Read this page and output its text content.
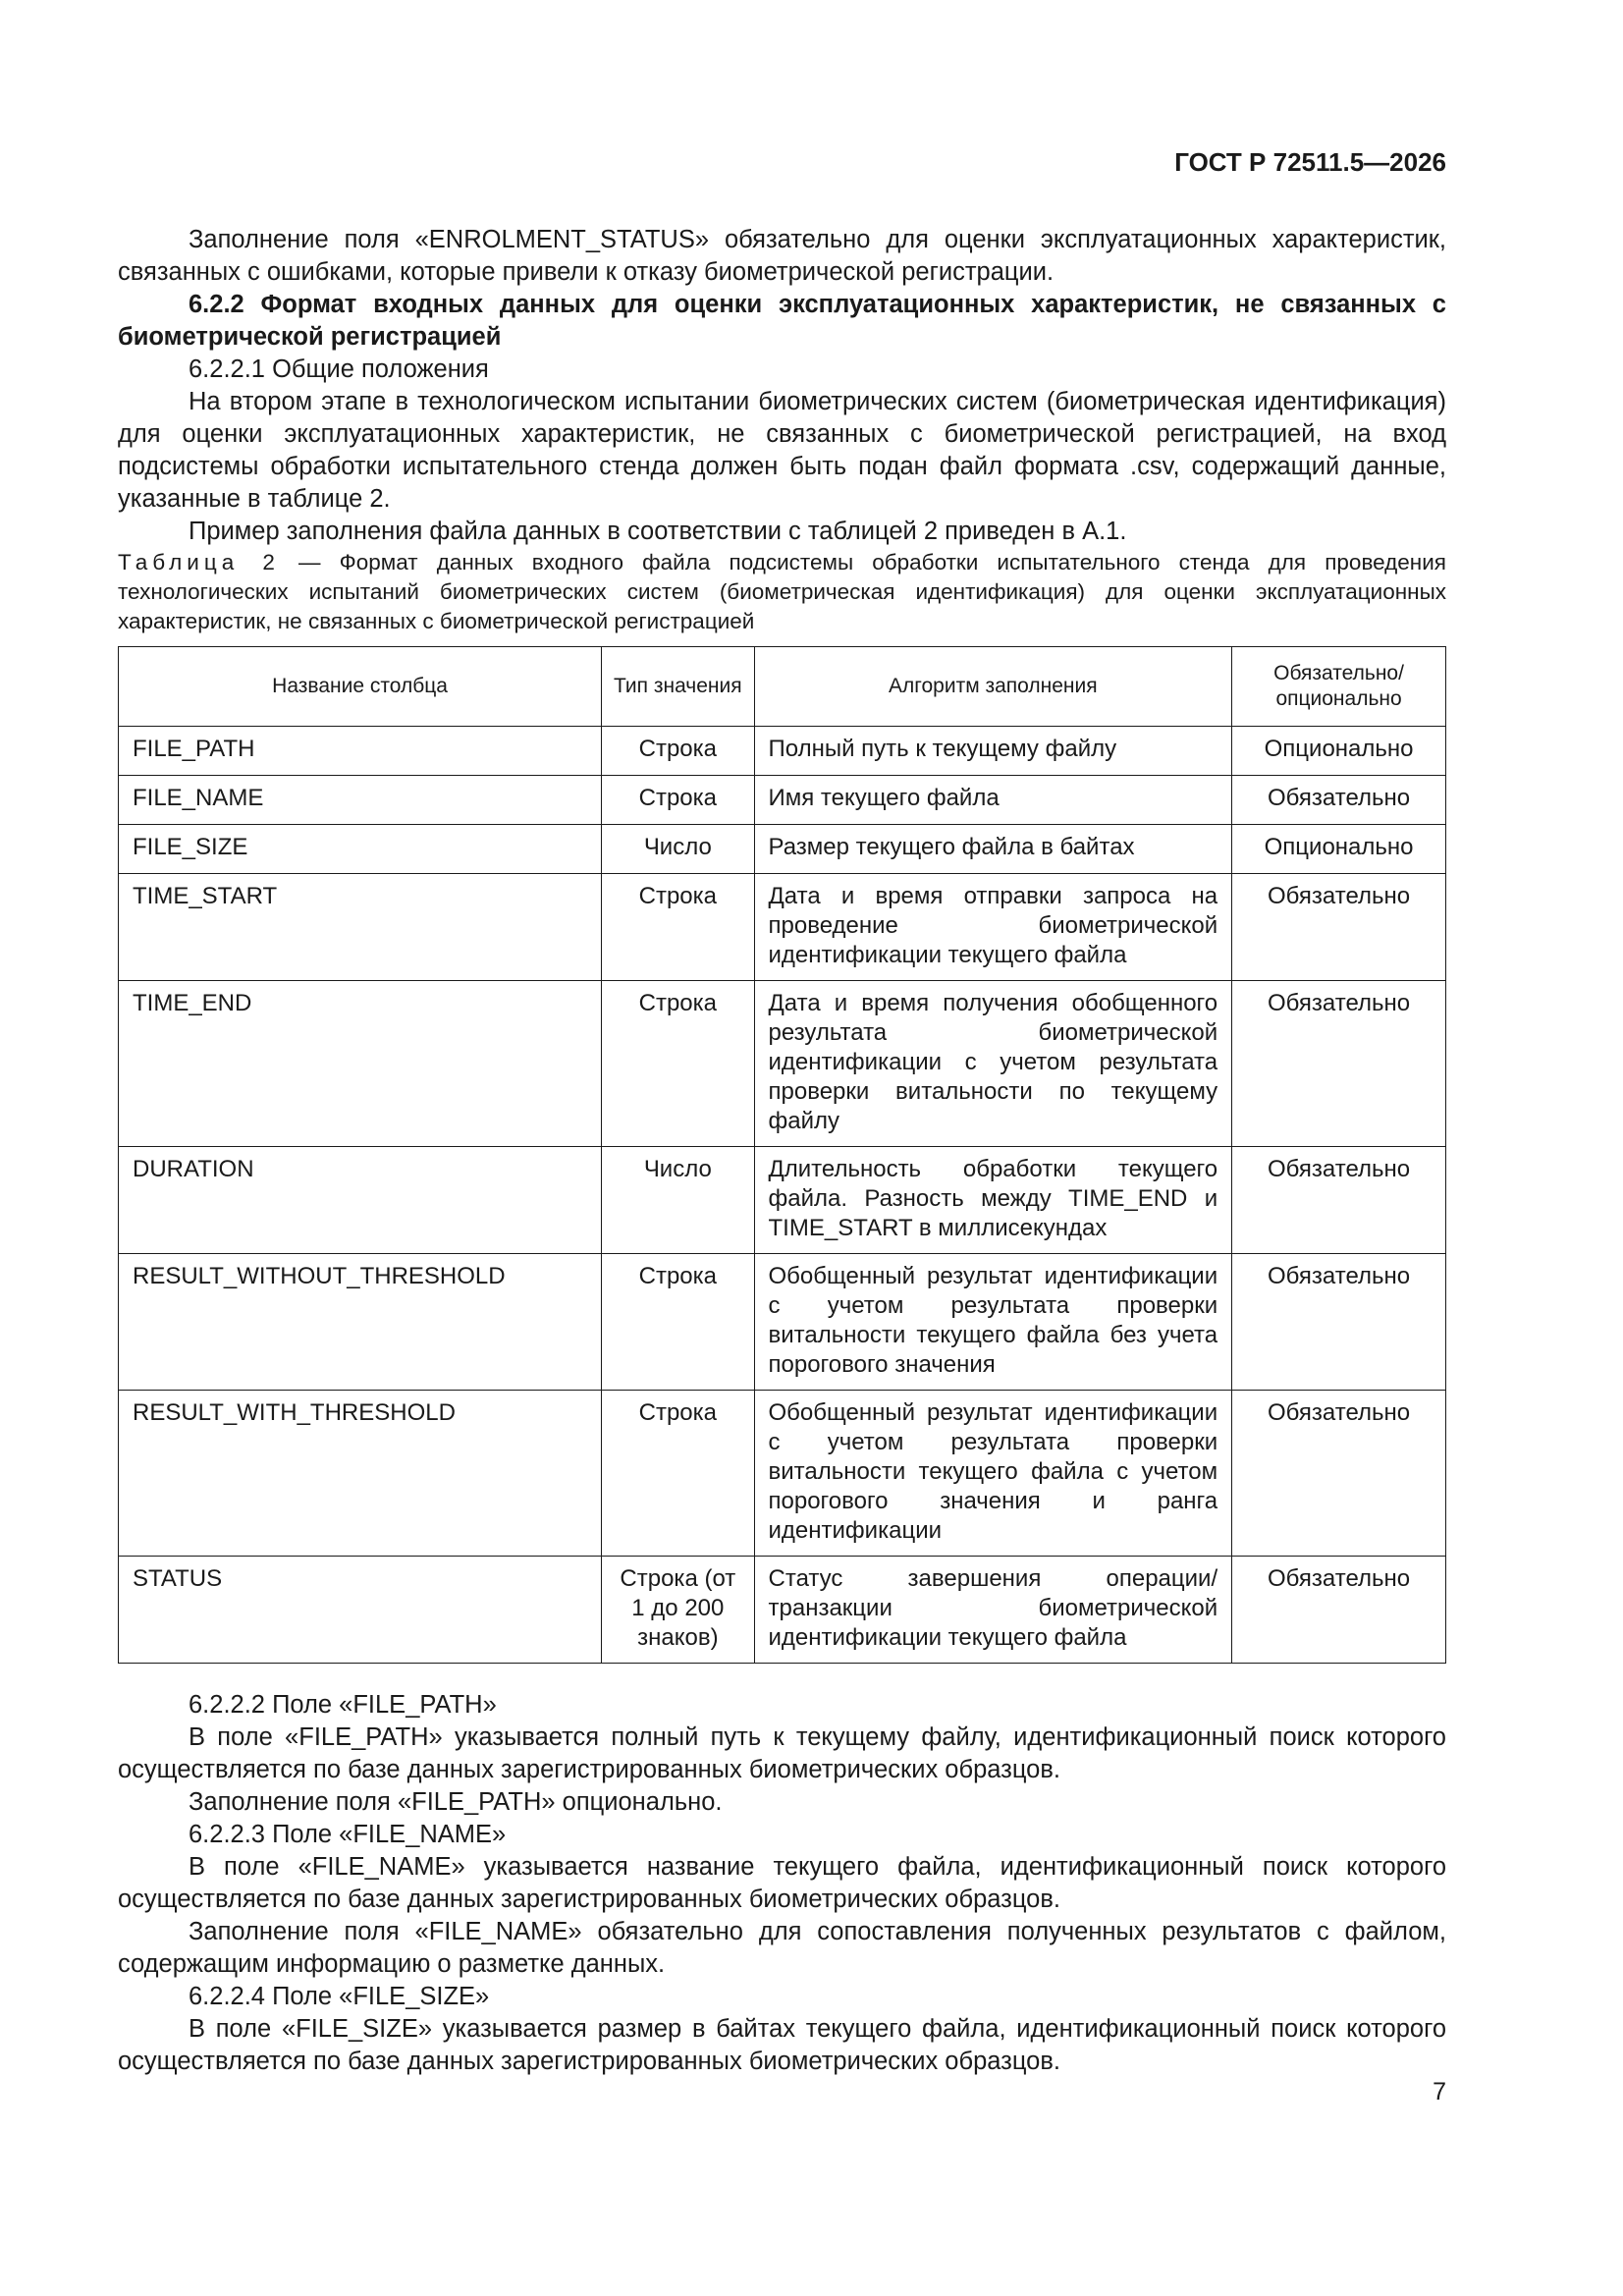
ГОСТ Р 72511.5—2026

Заполнение поля «ENROLMENT_STATUS» обязательно для оценки эксплуатационных характеристик, связанных с ошибками, которые привели к отказу биометрической регистрации.

6.2.2 Формат входных данных для оценки эксплуатационных характеристик, не связанных с биометрической регистрацией

6.2.2.1 Общие положения

На втором этапе в технологическом испытании биометрических систем (биометрическая идентификация) для оценки эксплуатационных характеристик, не связанных с биометрической регистрацией, на вход подсистемы обработки испытательного стенда должен быть подан файл формата .csv, содержащий данные, указанные в таблице 2.

Пример заполнения файла данных в соответствии с таблицей 2 приведен в А.1.

Таблица 2 — Формат данных входного файла подсистемы обработки испытательного стенда для проведения технологических испытаний биометрических систем (биометрическая идентификация) для оценки эксплуатационных характеристик, не связанных с биометрической регистрацией

Название столбца	Тип значения	Алгоритм заполнения	Обязательно/ опционально
FILE_PATH	Строка	Полный путь к текущему файлу	Опционально
FILE_NAME	Строка	Имя текущего файла	Обязательно
FILE_SIZE	Число	Размер текущего файла в байтах	Опционально
TIME_START	Строка	Дата и время отправки запроса на проведение биометрической идентификации текущего файла	Обязательно
TIME_END	Строка	Дата и время получения обобщенного результата биометрической идентификации с учетом результата проверки витальности по текущему файлу	Обязательно
DURATION	Число	Длительность обработки текущего файла. Разность между TIME_END и TIME_START в миллисекундах	Обязательно
RESULT_WITHOUT_THRESHOLD	Строка	Обобщенный результат идентификации с учетом результата проверки витальности текущего файла без учета порогового значения	Обязательно
RESULT_WITH_THRESHOLD	Строка	Обобщенный результат идентификации с учетом результата проверки витальности текущего файла с учетом порогового значения и ранга идентификации	Обязательно
STATUS	Строка (от 1 до 200 знаков)	Статус завершения операции/транзакции биометрической идентификации текущего файла	Обязательно

6.2.2.2 Поле «FILE_PATH»

В поле «FILE_PATH» указывается полный путь к текущему файлу, идентификационный поиск которого осуществляется по базе данных зарегистрированных биометрических образцов.

Заполнение поля «FILE_PATH» опционально.

6.2.2.3 Поле «FILE_NAME»

В поле «FILE_NAME» указывается название текущего файла, идентификационный поиск которого осуществляется по базе данных зарегистрированных биометрических образцов.

Заполнение поля «FILE_NAME» обязательно для сопоставления полученных результатов с файлом, содержащим информацию о разметке данных.

6.2.2.4 Поле «FILE_SIZE»

В поле «FILE_SIZE» указывается размер в байтах текущего файла, идентификационный поиск которого осуществляется по базе данных зарегистрированных биометрических образцов.

7
